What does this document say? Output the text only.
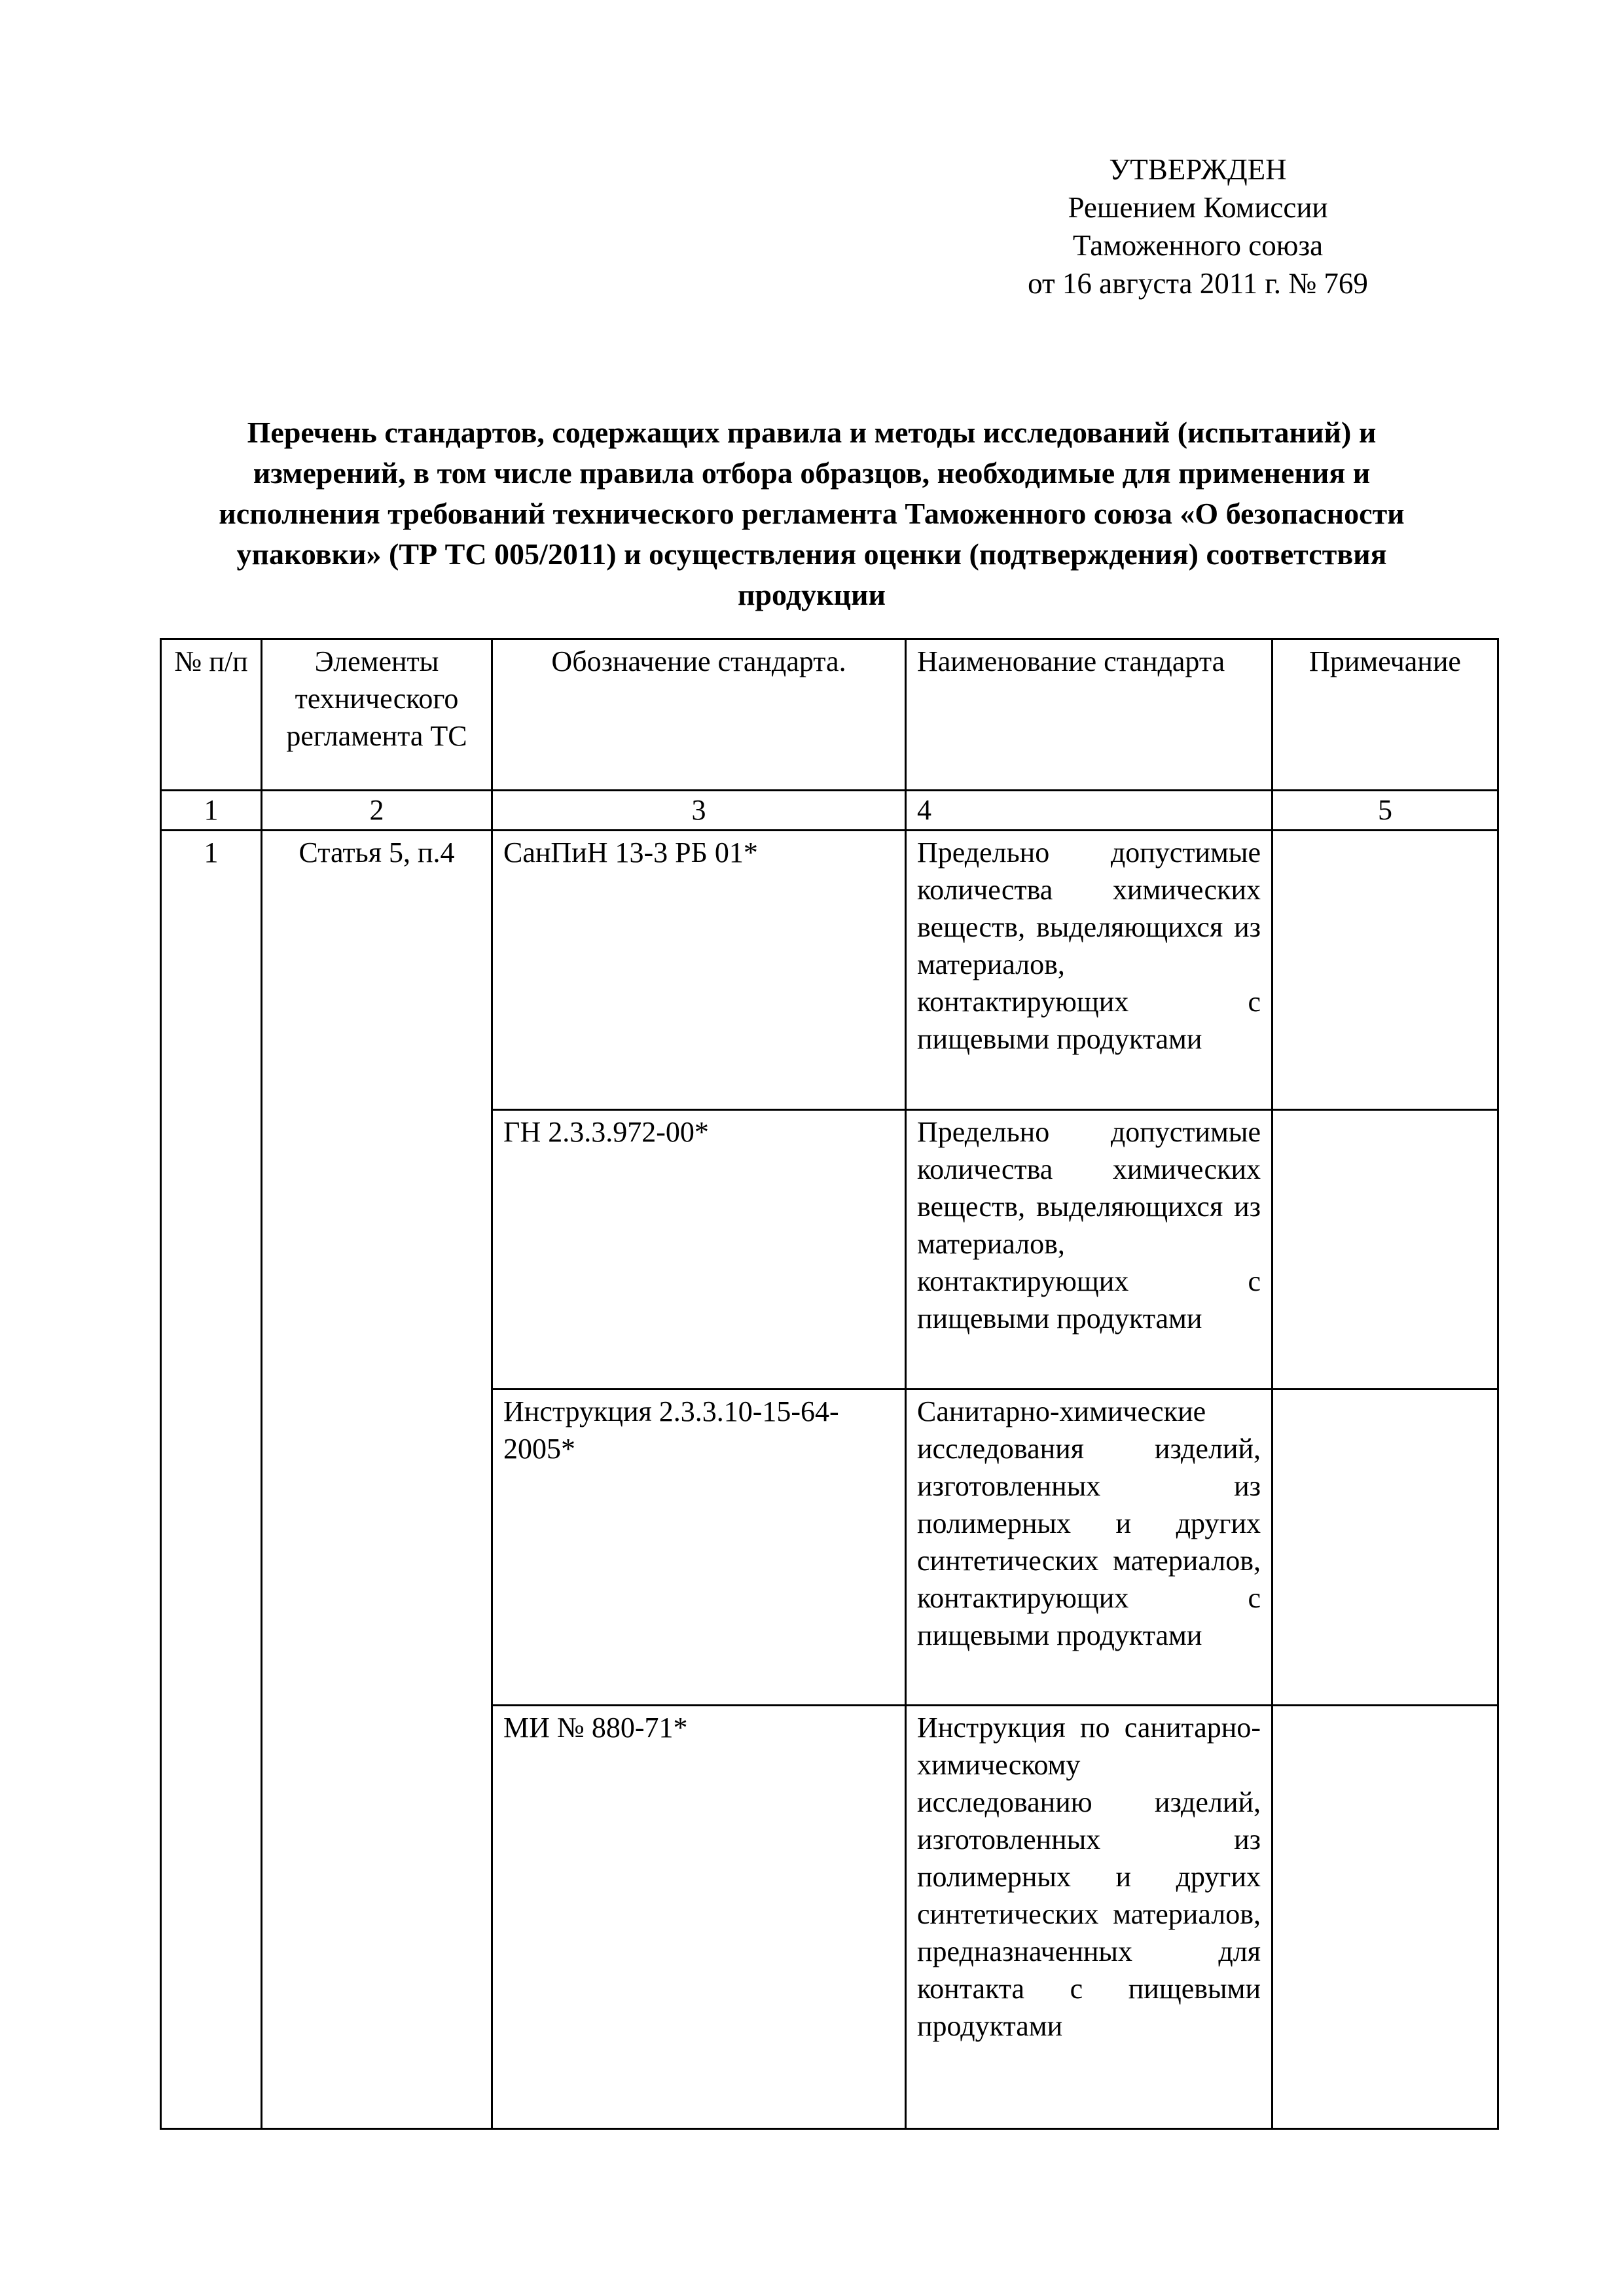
УТВЕРЖДЕН
Решением Комиссии
Таможенного союза
от 16 августа 2011 г. № 769
Перечень стандартов, содержащих правила и методы исследований (испытаний) и
измерений, в том числе правила отбора образцов, необходимые для применения и
исполнения требований технического регламента Таможенного союза «О безопасности
упаковки» (ТР ТС 005/2011) и осуществления оценки (подтверждения) соответствия
продукции
№ п/п	Элементы технического регламента ТС	Обозначение стандарта.	Наименование стандарта	Примечание
1	2	3	4	5
1	Статья 5, п.4	СанПиН 13-3 РБ 01*	Предельно допустимые количества химических веществ, выделяющихся из материалов, контактирующих с пищевыми продуктами	
		ГН 2.3.3.972-00*	Предельно допустимые количества химических веществ, выделяющихся из материалов, контактирующих с пищевыми продуктами	
		Инструкция 2.3.3.10-15-64-2005*	Санитарно-химические исследования изделий, изготовленных из полимерных и других синтетических материалов, контактирующих с пищевыми продуктами	
		МИ № 880-71*	Инструкция по санитарно-химическому исследованию изделий, изготовленных из полимерных и других синтетических материалов, предназначенных для контакта с пищевыми продуктами	
